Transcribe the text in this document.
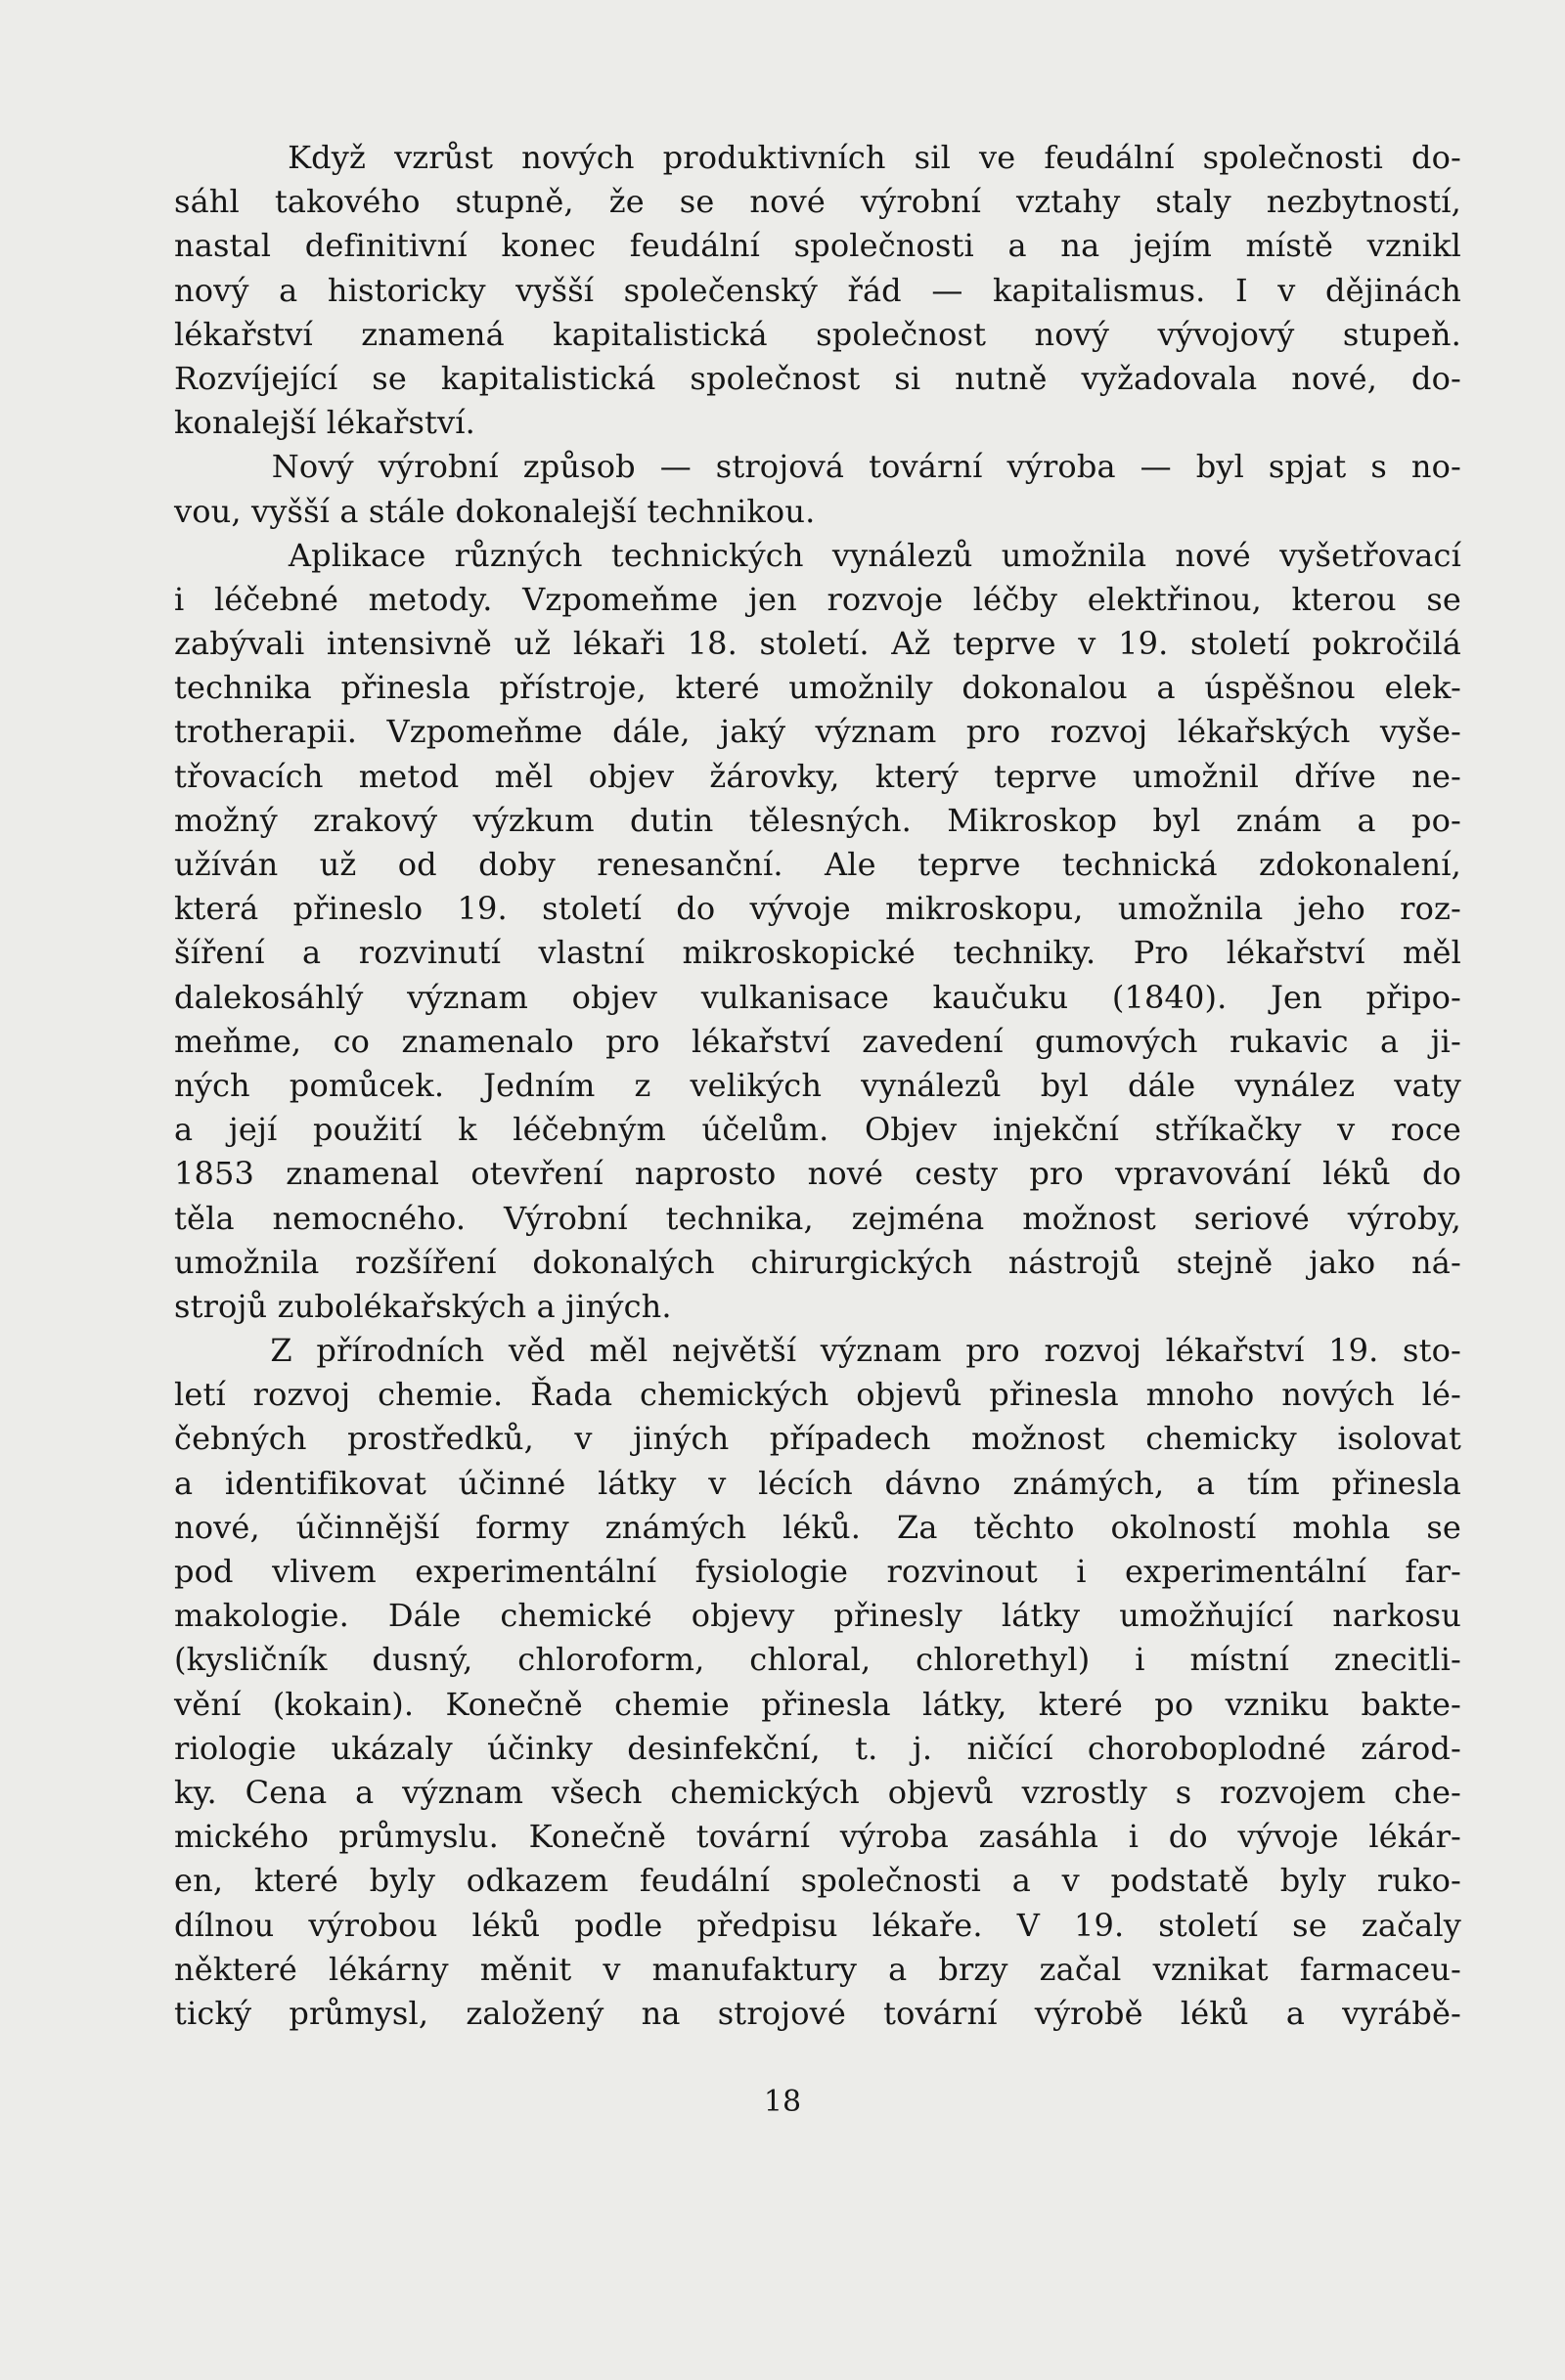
Když vzrůst nových produktivních sil ve feudální společnosti do-
sáhl takového stupně, že se nové výrobní vztahy staly nezbytností,
nastal definitivní konec feudální společnosti a na jejím místě vznikl
nový a historicky vyšší společenský řád — kapitalismus. I v dějinách
lékařství znamená kapitalistická společnost nový vývojový stupeň.
Rozvíjející se kapitalistická společnost si nutně vyžadovala nové, do-
konalejší lékařství.
Nový výrobní způsob — strojová tovární výroba — byl spjat s no-
vou, vyšší a stále dokonalejší technikou.
Aplikace různých technických vynálezů umožnila nové vyšetřovací
i léčebné metody. Vzpomeňme jen rozvoje léčby elektřinou, kterou se
zabývali intensivně už lékaři 18. století. Až teprve v 19. století pokročilá
technika přinesla přístroje, které umožnily dokonalou a úspěšnou elek-
trotherapii. Vzpomeňme dále, jaký význam pro rozvoj lékařských vyše-
třovacích metod měl objev žárovky, který teprve umožnil dříve ne-
možný zrakový výzkum dutin tělesných. Mikroskop byl znám a po-
užíván už od doby renesanční. Ale teprve technická zdokonalení,
která přineslo 19. století do vývoje mikroskopu, umožnila jeho roz-
šíření a rozvinutí vlastní mikroskopické techniky. Pro lékařství měl
dalekosáhlý význam objev vulkanisace kaučuku (1840). Jen připo-
meňme, co znamenalo pro lékařství zavedení gumových rukavic a ji-
ných pomůcek. Jedním z velikých vynálezů byl dále vynález vaty
a její použití k léčebným účelům. Objev injekční stříkačky v roce
1853 znamenal otevření naprosto nové cesty pro vpravování léků do
těla nemocného. Výrobní technika, zejména možnost seriové výroby,
umožnila rozšíření dokonalých chirurgických nástrojů stejně jako ná-
strojů zubolékařských a jiných.
Z přírodních věd měl největší význam pro rozvoj lékařství 19. sto-
letí rozvoj chemie. Řada chemických objevů přinesla mnoho nových lé-
čebných prostředků, v jiných případech možnost chemicky isolovat
a identifikovat účinné látky v lécích dávno známých, a tím přinesla
nové, účinnější formy známých léků. Za těchto okolností mohla se
pod vlivem experimentální fysiologie rozvinout i experimentální far-
makologie. Dále chemické objevy přinesly látky umožňující narkosu
(kysličník dusný, chloroform, chloral, chlorethyl) i místní znecitli-
vění (kokain). Konečně chemie přinesla látky, které po vzniku bakte-
riologie ukázaly účinky desinfekční, t. j. ničící choroboplodné zárod-
ky. Cena a význam všech chemických objevů vzrostly s rozvojem che-
mického průmyslu. Konečně tovární výroba zasáhla i do vývoje lékár-
en, které byly odkazem feudální společnosti a v podstatě byly ruko-
dílnou výrobou léků podle předpisu lékaře. V 19. století se začaly
některé lékárny měnit v manufaktury a brzy začal vznikat farmaceu-
tický průmysl, založený na strojové tovární výrobě léků a vyrábě-
18
